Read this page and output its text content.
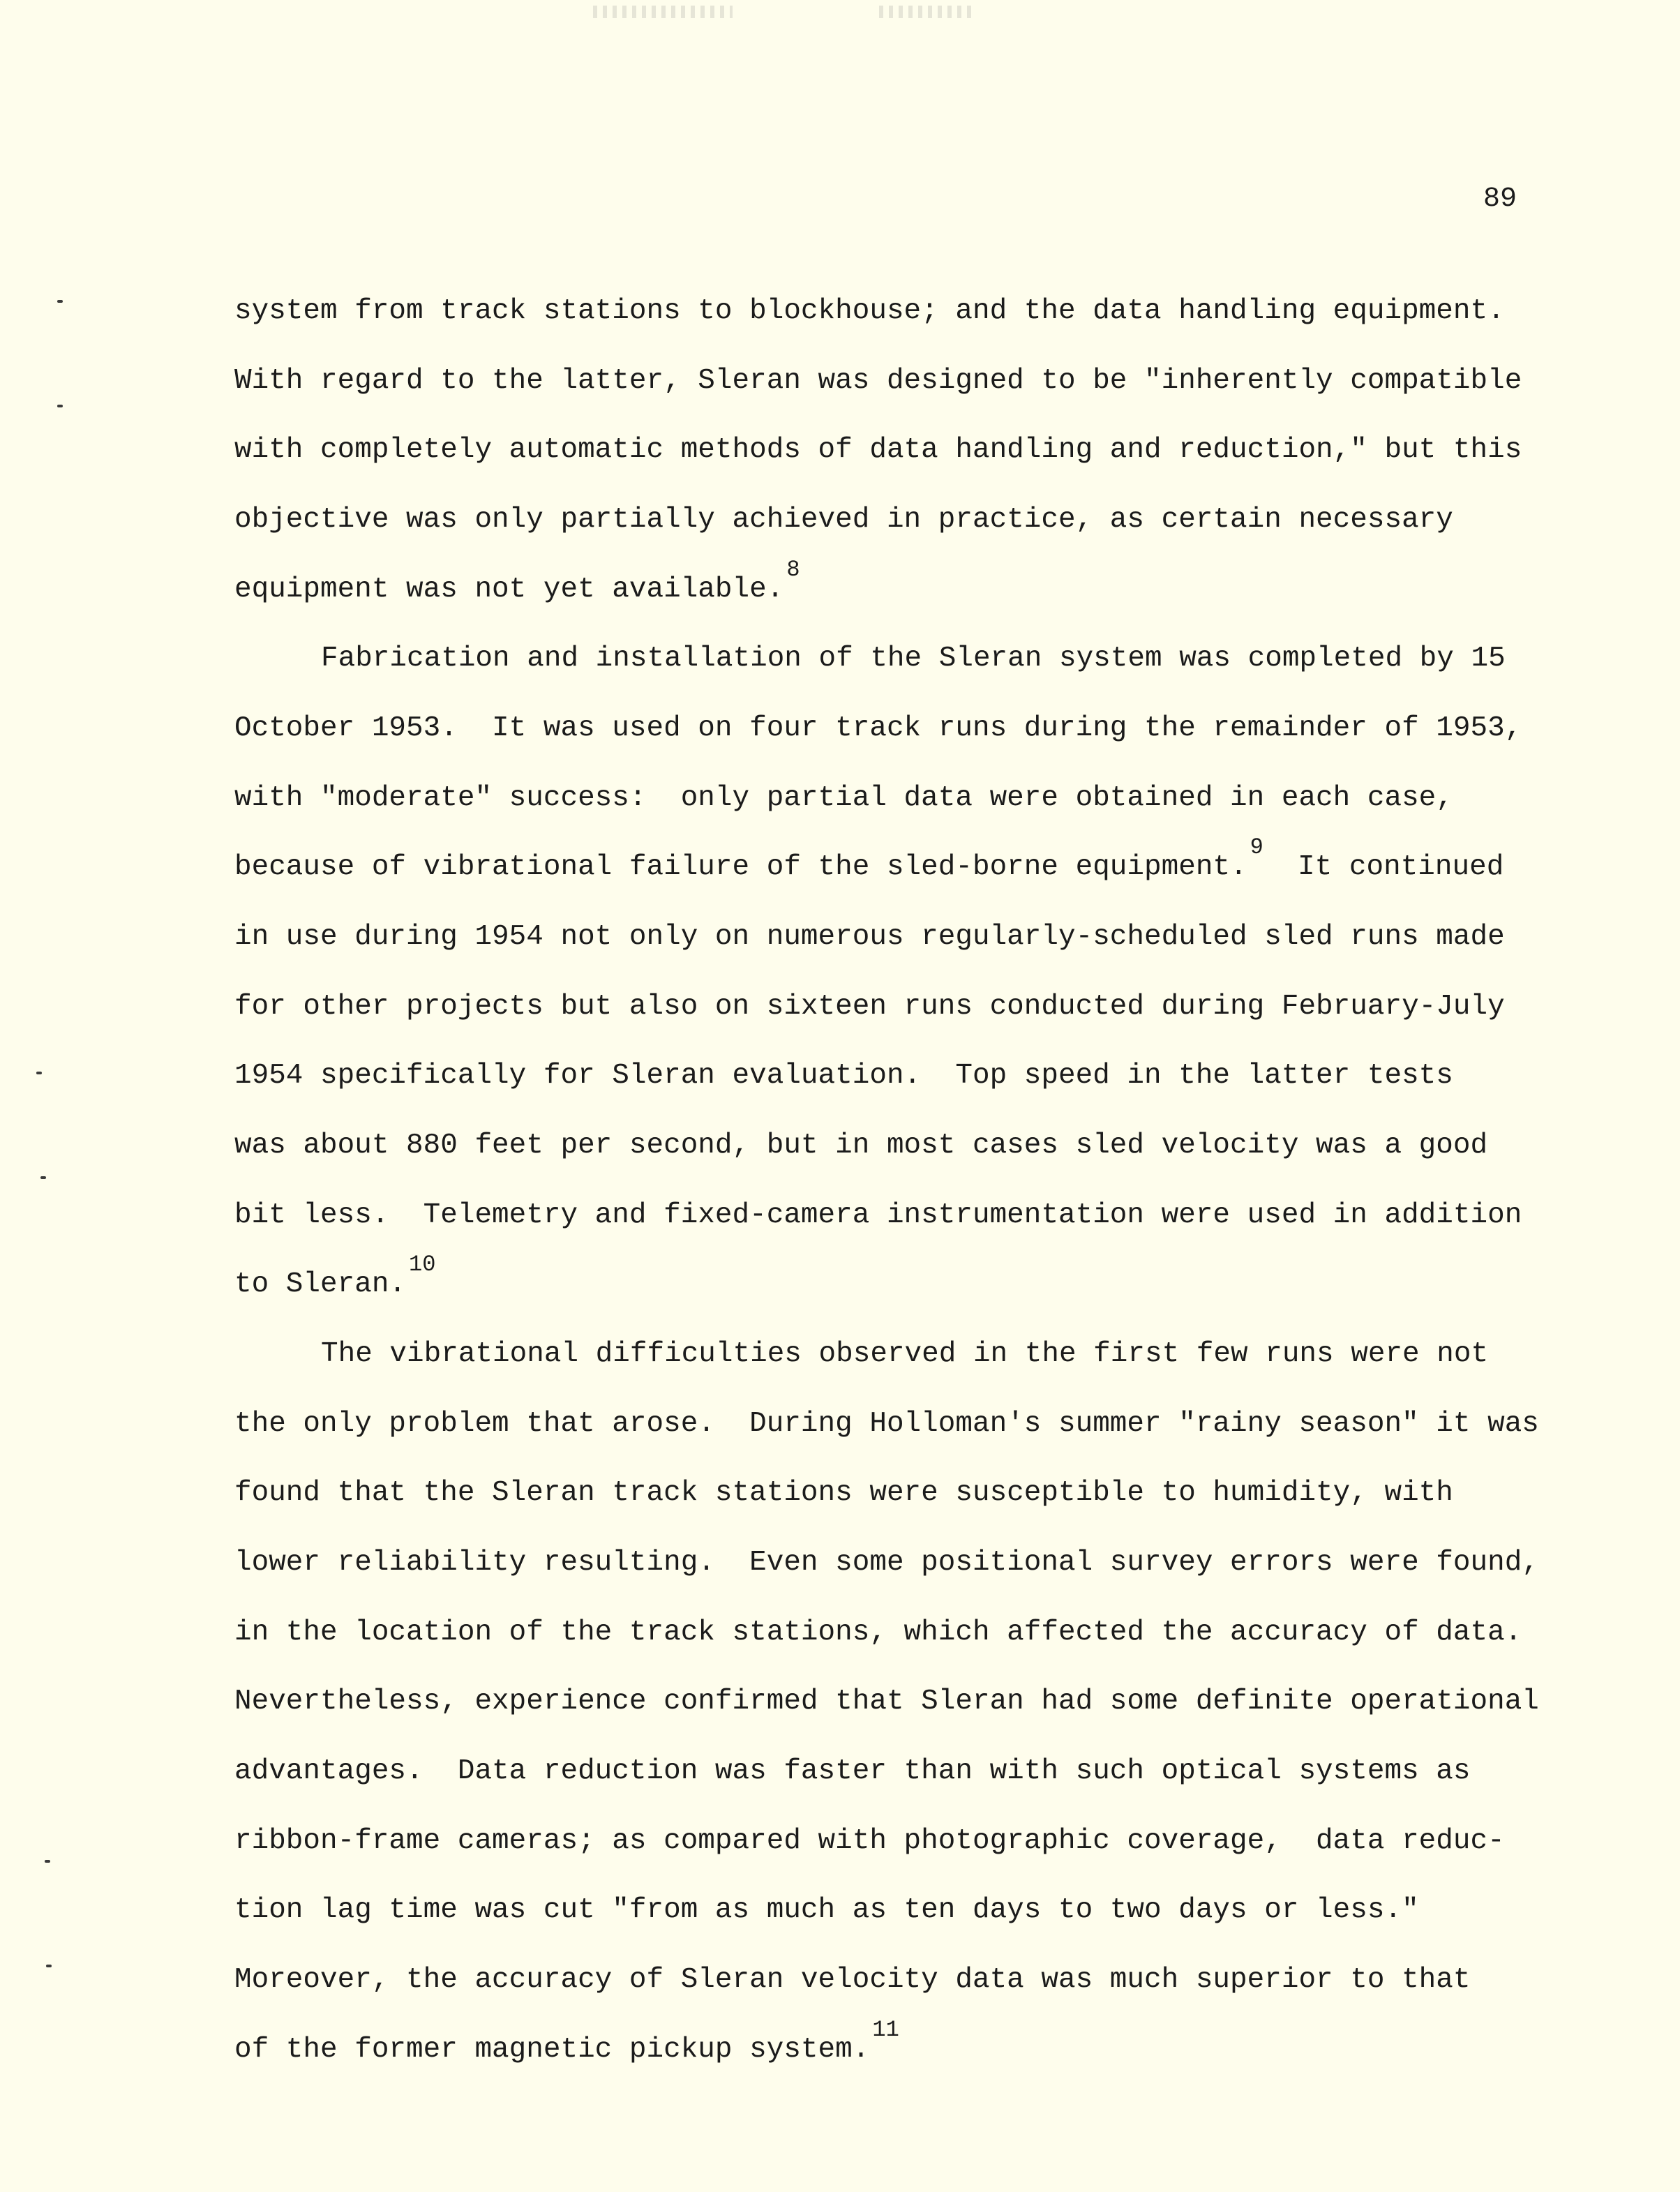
89
system from track stations to blockhouse; and the data handling equipment.
With regard to the latter, Sleran was designed to be "inherently compatible
with completely automatic methods of data handling and reduction," but this
objective was only partially achieved in practice, as certain necessary
equipment was not yet available.$^8$
Fabrication and installation of the Sleran system was completed by 15
October 1953.  It was used on four track runs during the remainder of 1953,
with "moderate" success:  only partial data were obtained in each case,
because of vibrational failure of the sled-borne equipment.$^9$  It continued
in use during 1954 not only on numerous regularly-scheduled sled runs made
for other projects but also on sixteen runs conducted during February-July
1954 specifically for Sleran evaluation.  Top speed in the latter tests
was about 880 feet per second, but in most cases sled velocity was a good
bit less.  Telemetry and fixed-camera instrumentation were used in addition
to Sleran.$^{10}$
The vibrational difficulties observed in the first few runs were not
the only problem that arose.  During Holloman's summer "rainy season" it was
found that the Sleran track stations were susceptible to humidity, with
lower reliability resulting.  Even some positional survey errors were found,
in the location of the track stations, which affected the accuracy of data.
Nevertheless, experience confirmed that Sleran had some definite operational
advantages.  Data reduction was faster than with such optical systems as
ribbon-frame cameras; as compared with photographic coverage,  data reduc-
tion lag time was cut "from as much as ten days to two days or less."
Moreover, the accuracy of Sleran velocity data was much superior to that
of the former magnetic pickup system.$^{11}$
